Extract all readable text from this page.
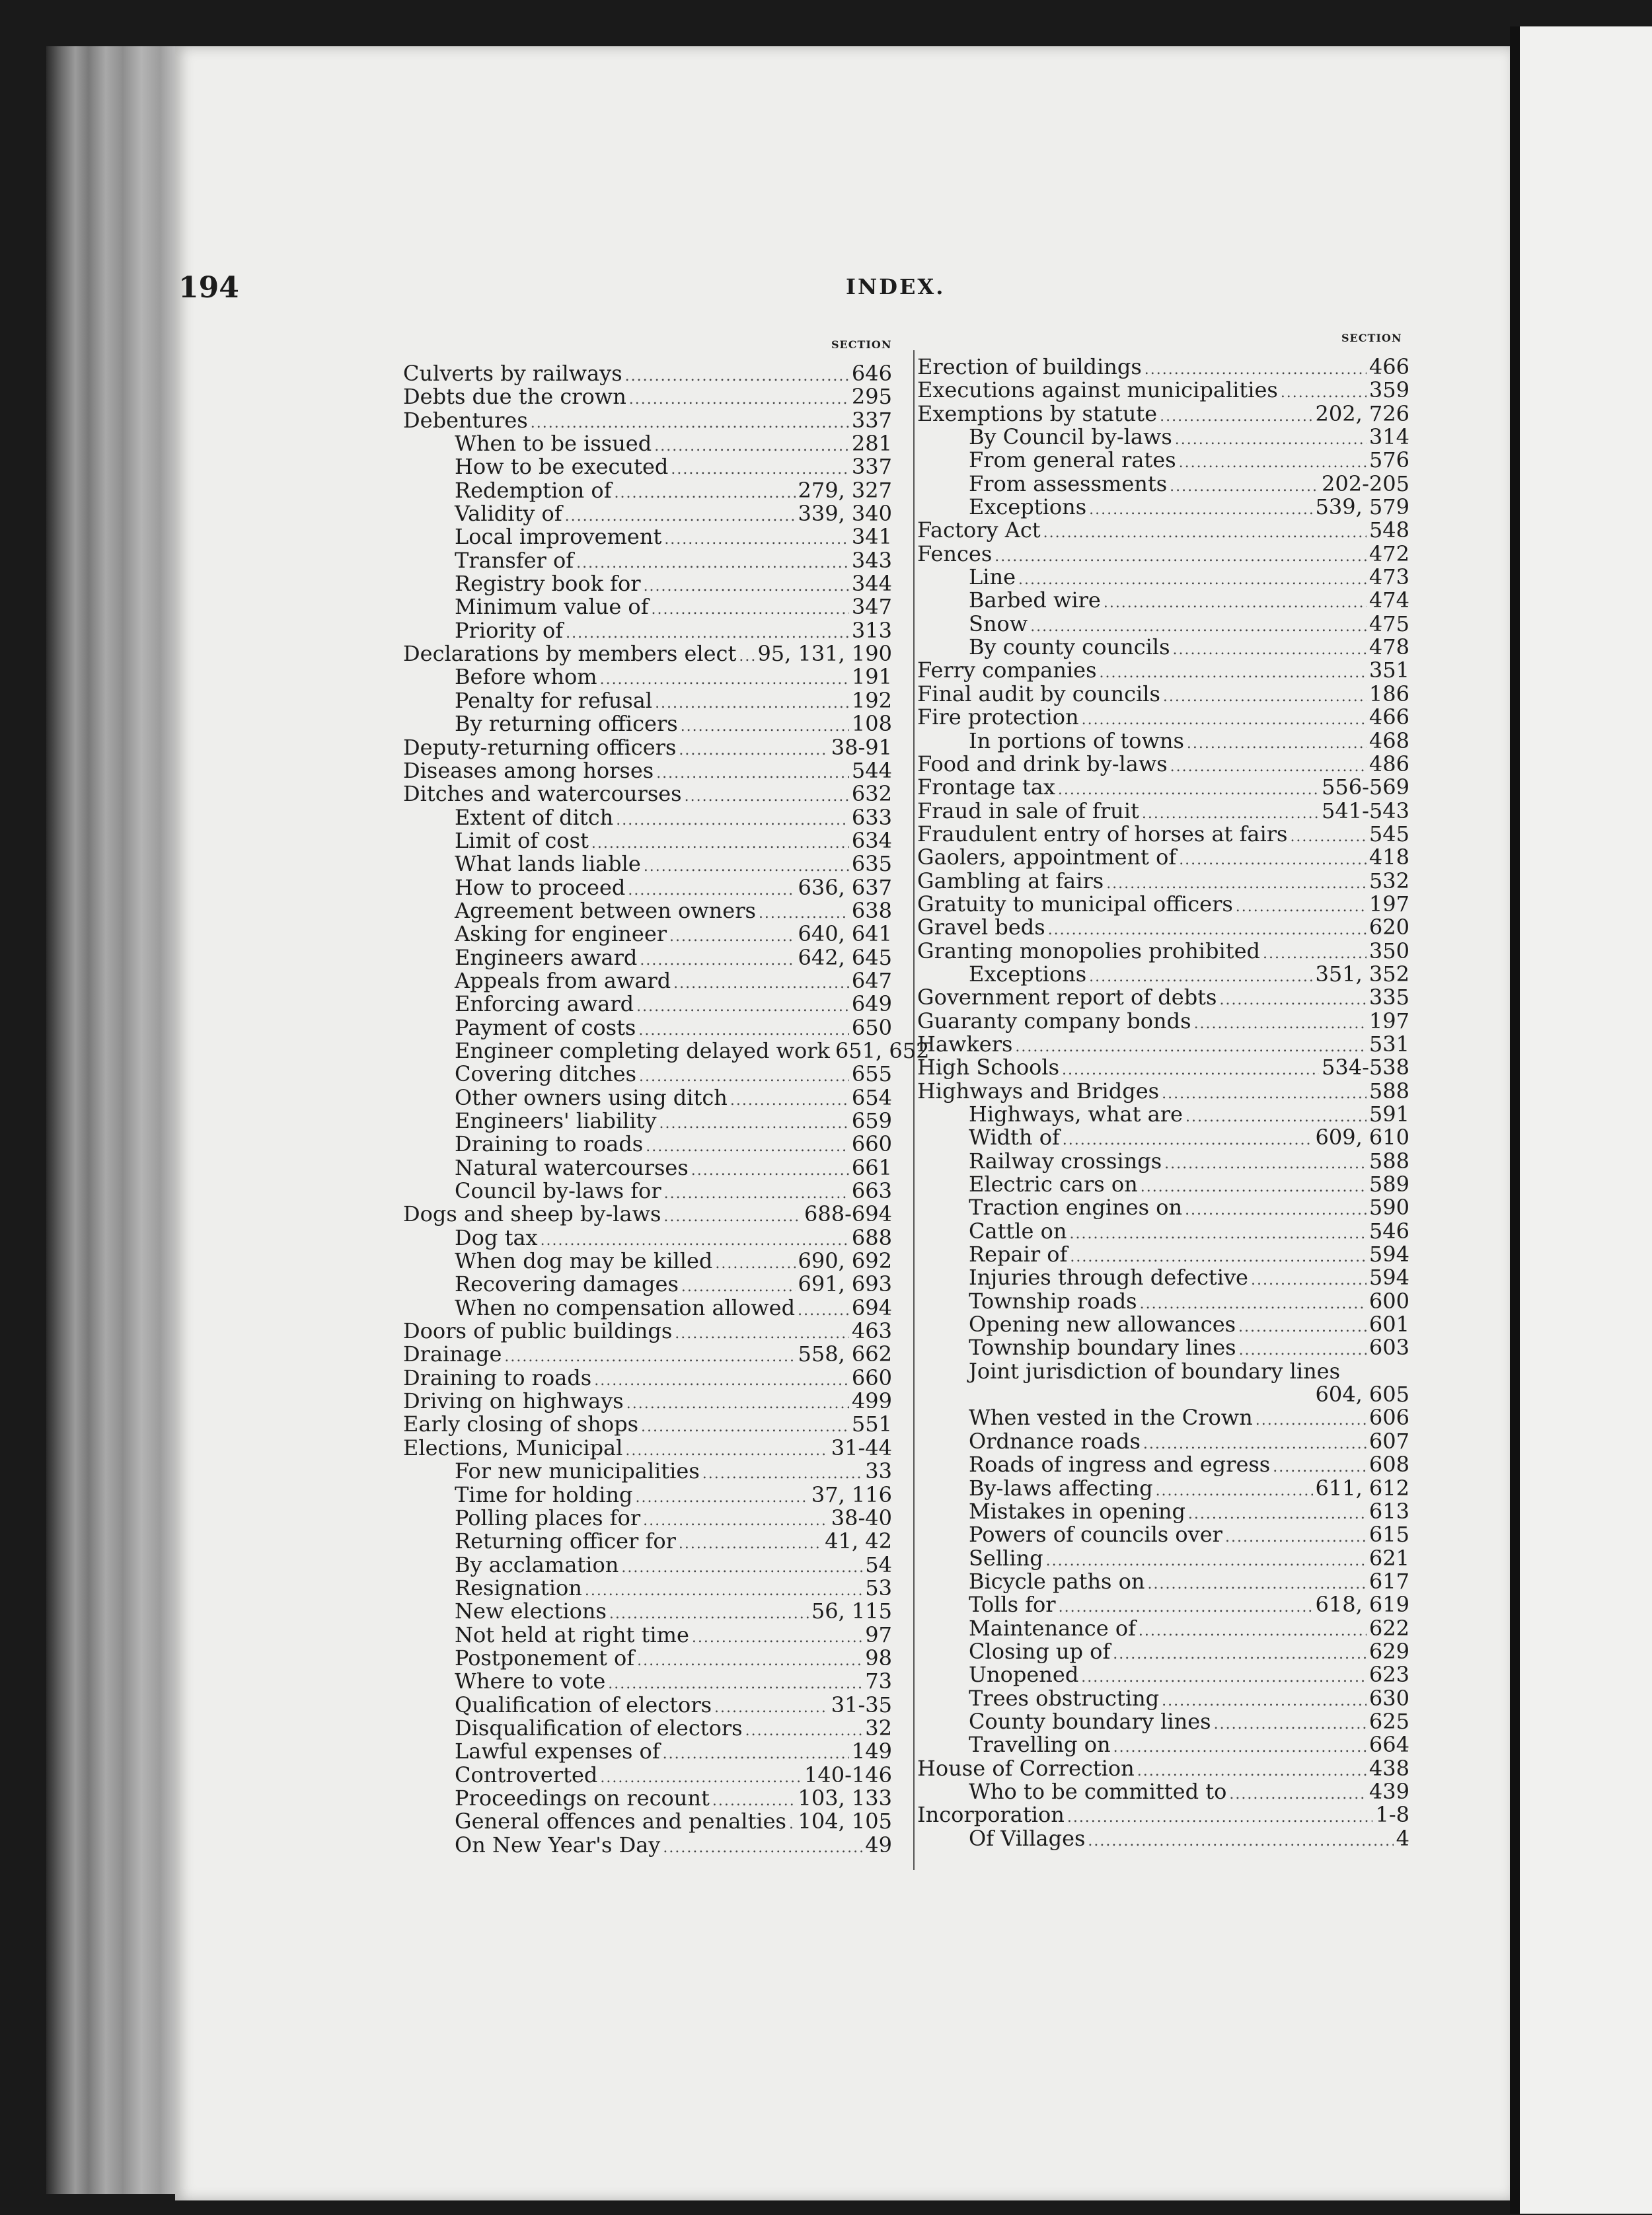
194	INDEX.
SECTION
SECTION
Culverts by railways .....	646
Debts due the crown .....	295
Debentures .....	337
When to be issued .....	281
How to be executed .....	337
Redemption of .....	279, 327
Validity of .....	339, 340
Local improvement .....	341
Transfer of .....	343
Registry book for .....	344
Minimum value of .....	347
Priority of .....	313
Declarations by members elect ..... 95, 131, 190
Before whom .....	191
Penalty for refusal .....	192
By returning officers .....	108
Deputy-returning officers .....	38-91
Diseases among horses .....	544
Ditches and watercourses .....	632
Extent of ditch .....	633
Limit of cost .....	634
What lands liable .....	635
How to proceed .....	636, 637
Agreement between owners .....	638
Asking for engineer .....	640, 641
Engineers award .....	642, 645
Appeals from award .....	647
Enforcing award .....	649
Payment of costs .....	650
Engineer completing delayed work 651, 652
Covering ditches .....	655
Other owners using ditch .....	654
Engineers' liability .....	659
Draining to roads .....	660
Natural watercourses .....	661
Council by-laws for .....	663
Dogs and sheep by-laws .....	688-694
Dog tax .....	688
When dog may be killed .....	690, 692
Recovering damages .....	691, 693
When no compensation allowed .....	694
Doors of public buildings .....	463
Drainage .....	558, 662
Draining to roads .....	660
Driving on highways .....	499
Early closing of shops .....	551
Elections, Municipal .....	31-44
For new municipalities .....	33
Time for holding .....	37, 116
Polling places for .....	38-40
Returning officer for .....	41, 42
By acclamation .....	54
Resignation .....	53
New elections .....	56, 115
Not held at right time .....	97
Postponement of .....	98
Where to vote .....	73
Qualification of electors .....	31-35
Disqualification of electors .....	32
Lawful expenses of .....	149
Controverted .....	140-146
Proceedings on recount .....	103, 133
General offences and penalties ..... 104, 105
On New Year's Day .....	49
Erection of buildings .....	466
Executions against municipalities .....	359
Exemptions by statute .....	202, 726
By Council by-laws .....	314
From general rates .....	576
From assessments .....	202-205
Exceptions .....	539, 579
Factory Act .....	548
Fences .....	472
Line .....	473
Barbed wire .....	474
Snow .....	475
By county councils .....	478
Ferry companies .....	351
Final audit by councils .....	186
Fire protection .....	466
In portions of towns .....	468
Food and drink by-laws .....	486
Frontage tax .....	556-569
Fraud in sale of fruit .....	541-543
Fraudulent entry of horses at fairs .....	545
Gaolers, appointment of .....	418
Gambling at fairs .....	532
Gratuity to municipal officers .....	197
Gravel beds .....	620
Granting monopolies prohibited .....	350
Exceptions .....	351, 352
Government report of debts .....	335
Guaranty company bonds .....	197
Hawkers .....	531
High Schools .....	534-538
Highways and Bridges .....	588
Highways, what are .....	591
Width of .....	609, 610
Railway crossings .....	588
Electric cars on .....	589
Traction engines on .....	590
Cattle on .....	546
Repair of .....	594
Injuries through defective .....	594
Township roads .....	600
Opening new allowances .....	601
Township boundary lines .....	603
Joint jurisdiction of boundary lines
604, 605
When vested in the Crown .....	606
Ordnance roads .....	607
Roads of ingress and egress .....	608
By-laws affecting .....	611, 612
Mistakes in opening .....	613
Powers of councils over .....	615
Selling .....	621
Bicycle paths on .....	617
Tolls for .....	618, 619
Maintenance of .....	622
Closing up of .....	629
Unopened .....	623
Trees obstructing .....	630
County boundary lines .....	625
Travelling on .....	664
House of Correction .....	438
Who to be committed to .....	439
Incorporation .....	1-8
Of Villages .....	4
